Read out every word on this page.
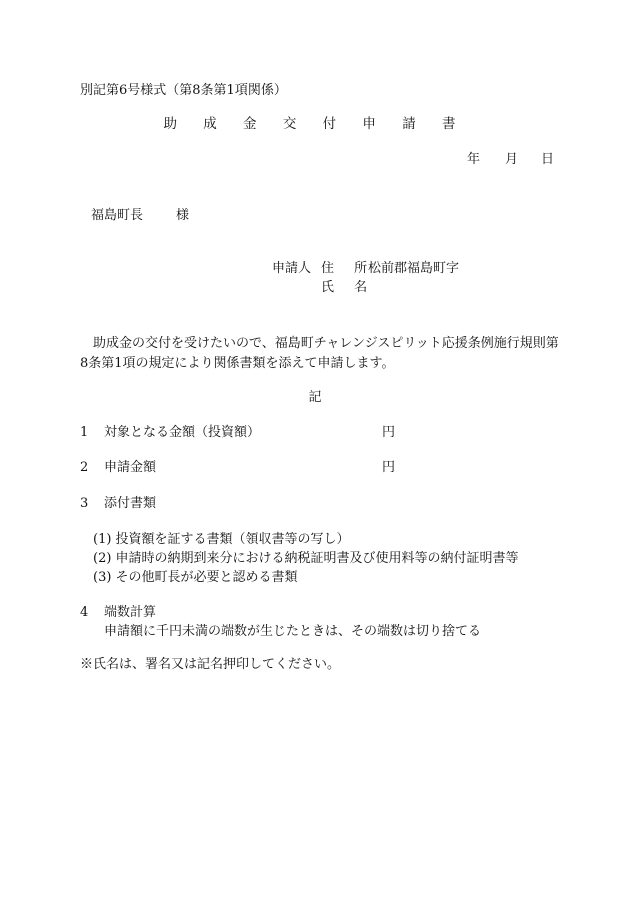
別記第6号様式（第8条第1項関係）
助 成 金 交 付 申 請 書
年 月 日
福島町長	様
申請人 住 所
松前郡福島町字
氏 名
　助成金の交付を受けたいので、福島町チャレンジスピリット応援条例施行規則第8条第1項の規定により関係書類を添えて申請します。
記
1 対象となる金額（投資額）	円
2 申請金額	円
3 添付書類
(1) 投資額を証する書類（領収書等の写し）
(2) 申請時の納期到来分における納税証明書及び使用料等の納付証明書等
(3) その他町長が必要と認める書類
4 端数計算
申請額に千円未満の端数が生じたときは、その端数は切り捨てる
※氏名は、署名又は記名押印してください。
